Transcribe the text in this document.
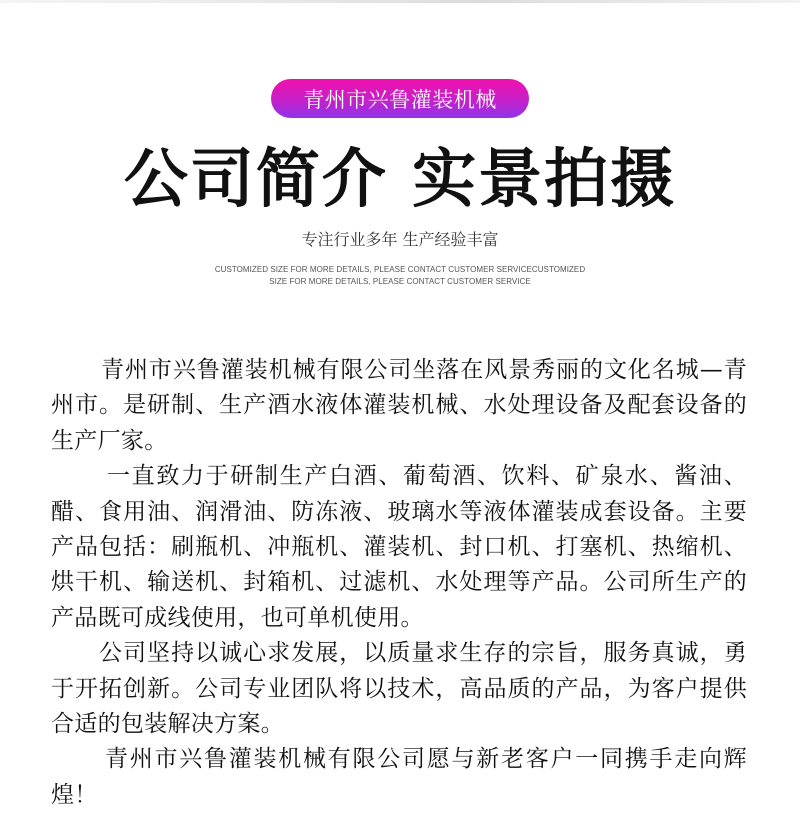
青州市兴鲁灌装机械
公司简介 实景拍摄
专注行业多年 生产经验丰富
CUSTOMIZED SIZE FOR MORE DETAILS, PLEASE CONTACT CUSTOMER SERVICECUSTOMIZED
SIZE FOR MORE DETAILS, PLEASE CONTACT CUSTOMER SERVICE

青州市兴鲁灌装机械有限公司坐落在风景秀丽的文化名城—青州市。是研制、生产酒水液体灌装机械、水处理设备及配套设备的生产厂家。

一直致力于研制生产白酒、葡萄酒、饮料、矿泉水、酱油、醋、食用油、润滑油、防冻液、玻璃水等液体灌装成套设备。主要产品包括：刷瓶机、冲瓶机、灌装机、封口机、打塞机、热缩机、烘干机、输送机、封箱机、过滤机、水处理等产品。公司所生产的产品既可成线使用，也可单机使用。

公司坚持以诚心求发展，以质量求生存的宗旨，服务真诚，勇于开拓创新。公司专业团队将以技术，高品质的产品，为客户提供合适的包装解决方案。

青州市兴鲁灌装机械有限公司愿与新老客户一同携手走向辉煌！
